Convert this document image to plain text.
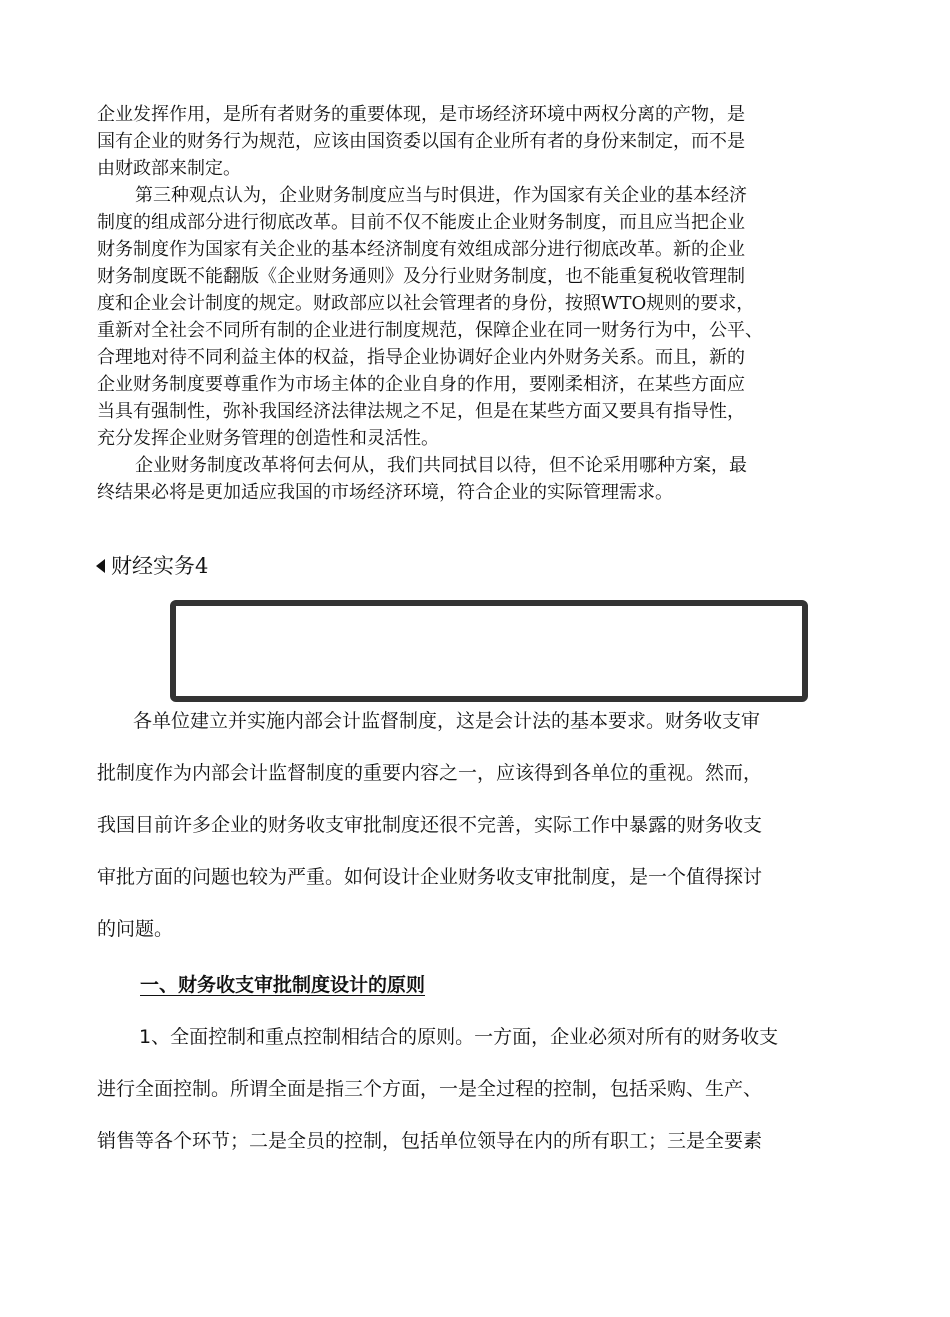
企业发挥作用，是所有者财务的重要体现，是市场经济环境中两权分离的产物，是
国有企业的财务行为规范，应该由国资委以国有企业所有者的身份来制定，而不是
由财政部来制定。
第三种观点认为，企业财务制度应当与时俱进，作为国家有关企业的基本经济
制度的组成部分进行彻底改革。目前不仅不能废止企业财务制度，而且应当把企业
财务制度作为国家有关企业的基本经济制度有效组成部分进行彻底改革。新的企业
财务制度既不能翻版《企业财务通则》及分行业财务制度，也不能重复税收管理制
度和企业会计制度的规定。财政部应以社会管理者的身份，按照WTO规则的要求，
重新对全社会不同所有制的企业进行制度规范，保障企业在同一财务行为中，公平、
合理地对待不同利益主体的权益，指导企业协调好企业内外财务关系。而且，新的
企业财务制度要尊重作为市场主体的企业自身的作用，要刚柔相济，在某些方面应
当具有强制性，弥补我国经济法律法规之不足，但是在某些方面又要具有指导性，
充分发挥企业财务管理的创造性和灵活性。
企业财务制度改革将何去何从，我们共同拭目以待，但不论采用哪种方案，最
终结果必将是更加适应我国的市场经济环境，符合企业的实际管理需求。
财经实务4
各单位建立并实施内部会计监督制度，这是会计法的基本要求。财务收支审
批制度作为内部会计监督制度的重要内容之一，应该得到各单位的重视。然而，
我国目前许多企业的财务收支审批制度还很不完善，实际工作中暴露的财务收支
审批方面的问题也较为严重。如何设计企业财务收支审批制度，是一个值得探讨
的问题。
一、财务收支审批制度设计的原则
1、全面控制和重点控制相结合的原则。一方面，企业必须对所有的财务收支
进行全面控制。所谓全面是指三个方面，一是全过程的控制，包括采购、生产、
销售等各个环节；二是全员的控制，包括单位领导在内的所有职工；三是全要素
